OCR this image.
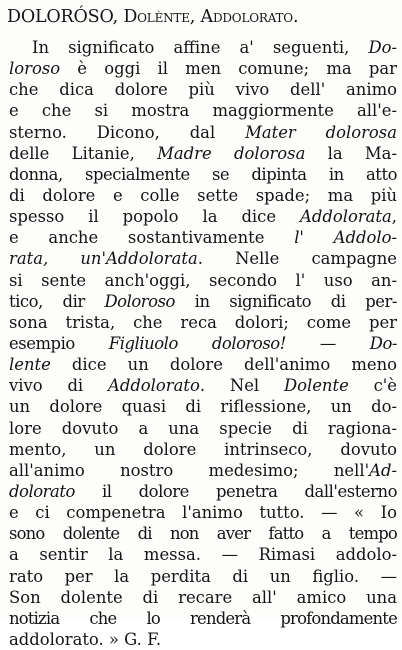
DOLORÓSO, Dolènte, Addolorato.
In significato affine a' seguenti, Do-
loroso è oggi il men comune; ma par
che dica dolore più vivo dell' animo
e che si mostra maggiormente all'e-
sterno. Dicono, dal Mater dolorosa
delle Litanie, Madre dolorosa la Ma-
donna, specialmente se dipinta in atto
di dolore e colle sette spade; ma più
spesso il popolo la dice Addolorata,
e anche sostantivamente l' Addolo-
rata, un'Addolorata. Nelle campagne
si sente anch'oggi, secondo l' uso an-
tico, dir Doloroso in significato di per-
sona trista, che reca dolori; come per
esempio Figliuolo doloroso! — Do-
lente dice un dolore dell'animo meno
vivo di Addolorato. Nel Dolente c'è
un dolore quasi di riflessione, un do-
lore dovuto a una specie di ragiona-
mento, un dolore intrinseco, dovuto
all'animo nostro medesimo; nell'Ad-
dolorato il dolore penetra dall'esterno
e ci compenetra l'animo tutto. — « Io
sono dolente di non aver fatto a tempo
a sentir la messa. — Rimasi addolo-
rato per la perdita di un figlio. —
Son dolente di recare all' amico una
notizia che lo renderà profondamente
addolorato. » G. F.
